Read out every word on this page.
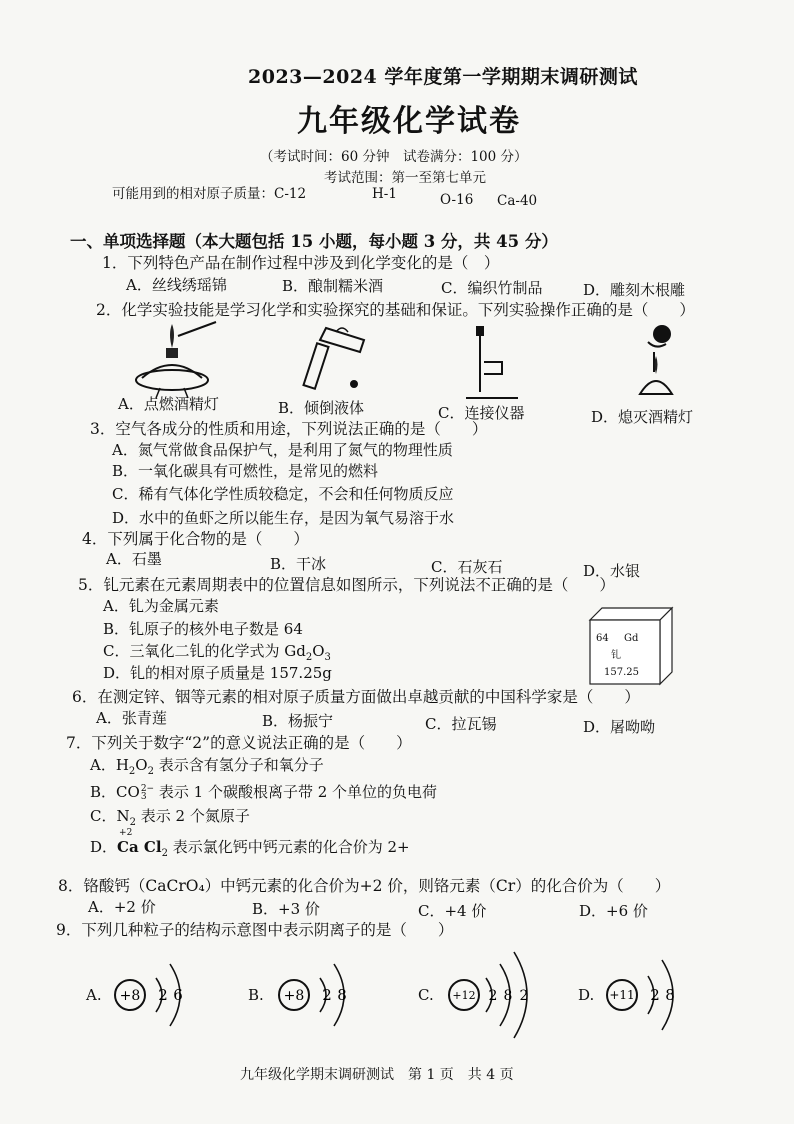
2023—2024 学年度第一学期期末调研测试
九年级化学试卷
（考试时间：60 分钟　试卷满分：100 分）
考试范围：第一至第七单元
可能用到的相对原子质量：C-12	H-1	O-16 Ca-40
一、单项选择题（本大题包括 15 小题，每小题 3 分，共 45 分）
1．下列特色产品在制作过程中涉及到化学变化的是（　）
A．丝线绣瑶锦	B．酿制糯米酒	C．编织竹制品	D．雕刻木根雕
2．化学实验技能是学习化学和实验探究的基础和保证。下列实验操作正确的是（　　）
A．点燃酒精灯	B．倾倒液体	C．连接仪器	D．熄灭酒精灯
3．空气各成分的性质和用途，下列说法正确的是（　　）
A．氮气常做食品保护气，是利用了氮气的物理性质
B．一氧化碳具有可燃性，是常见的燃料
C．稀有气体化学性质较稳定，不会和任何物质反应
D．水中的鱼虾之所以能生存，是因为氧气易溶于水
4．下列属于化合物的是（　　）
A．石墨	B．干冰	C．石灰石	D．水银
5．钆元素在元素周期表中的位置信息如图所示，下列说法不正确的是（　　）
A．钆为金属元素
B．钆原子的核外电子数是 64
C．三氧化二钆的化学式为 $Gd_2O_3$
D．钆的相对原子质量是 157.25g
64 Gd
钆
157.25
6．在测定锌、铟等元素的相对原子质量方面做出卓越贡献的中国科学家是（　　）
A．张青莲	B．杨振宁	C．拉瓦锡	D．屠呦呦
7．下列关于数字“2”的意义说法正确的是（　　）
A．$H_2O_2$ 表示含有氢分子和氧分子
B．CO2−
3 表示 1 个碳酸根离子带 2 个单位的负电荷
C．$N_2$ 表示 2 个氮原子
D．
+2
Ca $Cl_2$ 表示氯化钙中钙元素的化合价为 2+
8．铬酸钙（CaCrO₄）中钙元素的化合价为+2 价，则铬元素（Cr）的化合价为（　　）
A．+2 价	B．+3 价	C．+4 价	D．+6 价
9．下列几种粒子的结构示意图中表示阴离子的是（　　）
A. +8 2 6	B. +8 2 8	C. +12 2 8 2	D. +11 2 8
九年级化学期末调研测试　第 1 页　共 4 页
